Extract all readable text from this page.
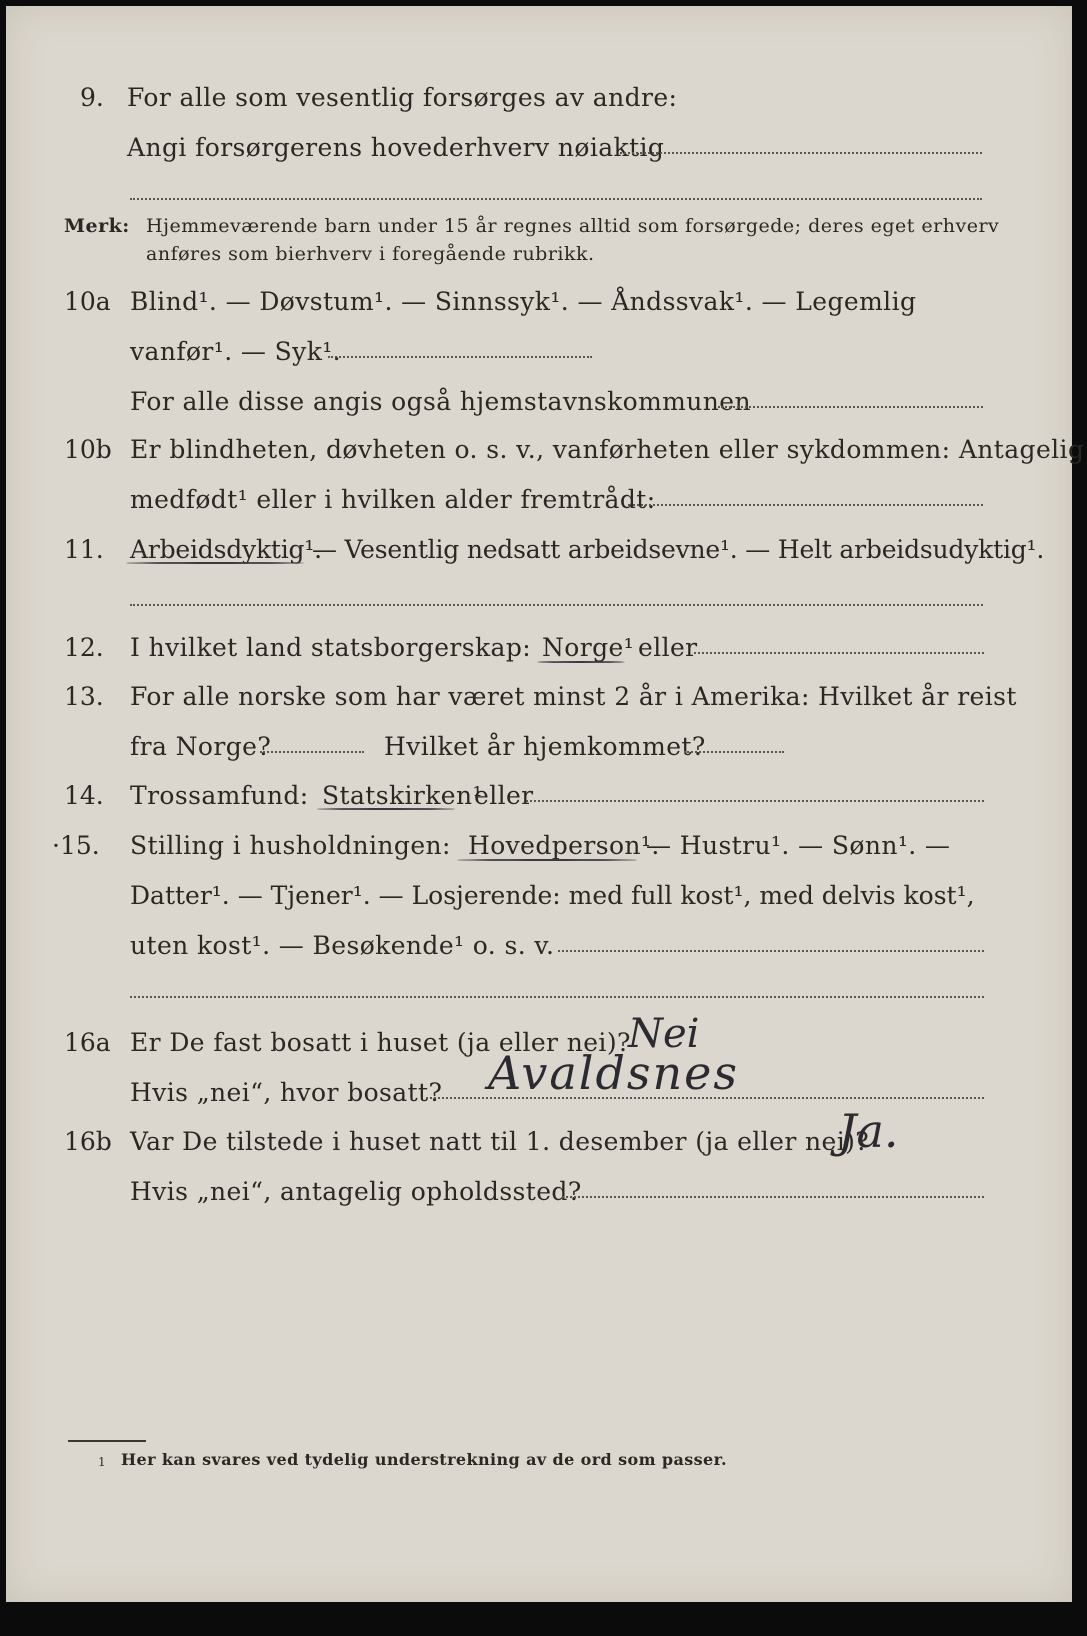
9. For alle som vesentlig forsørges av andre:
Angi forsørgerens hovederhverv nøiaktig
Merk: Hjemmeværende barn under 15 år regnes alltid som forsørgede; deres eget erhverv
anføres som bierhverv i foregående rubrikk.
10a Blind¹. — Døvstum¹. — Sinnssyk¹. — Åndssvak¹. — Legemlig
vanfør¹. — Syk¹.
For alle disse angis også hjemstavnskommunen
10b Er blindheten, døvheten o. s. v., vanførheten eller sykdommen: Antagelig
medfødt¹ eller i hvilken alder fremtrådt:
11. Arbeidsdyktig¹.
— Vesentlig nedsatt arbeidsevne¹. — Helt arbeidsudyktig¹.
12. I hvilket land statsborgerskap: Norge¹ eller
13. For alle norske som har været minst 2 år i Amerika: Hvilket år reist
fra Norge?	Hvilket år hjemkommet?
14. Trossamfund: Statskirken¹
eller
·15. Stilling i husholdningen: Hovedperson¹.
— Hustru¹. — Sønn¹. —
Datter¹. — Tjener¹. — Losjerende: med full kost¹, med delvis kost¹,
uten kost¹. — Besøkende¹ o. s. v.
16a Er De fast bosatt i huset (ja eller nei)?
Nei
Hvis „nei“, hvor bosatt? Avaldsnes
16b Var De tilstede i huset natt til 1. desember (ja eller nei)?
Ja.
Hvis „nei“, antagelig opholdssted?
1 Her kan svares ved tydelig understrekning av de ord som passer.
